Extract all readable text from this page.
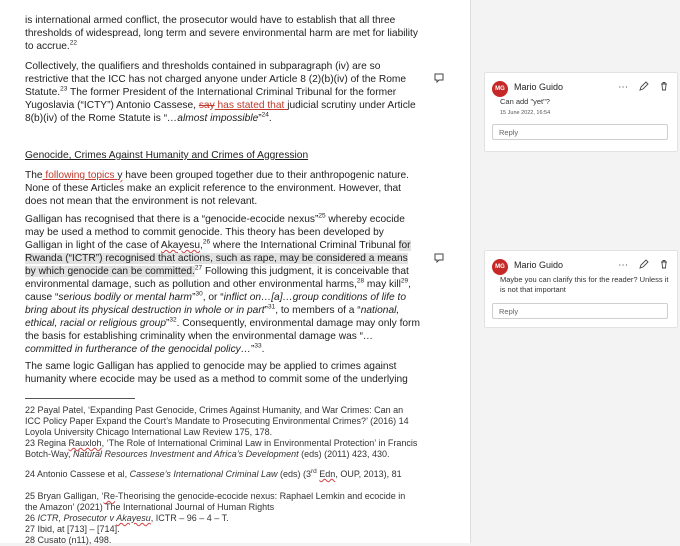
is international armed conflict, the prosecutor would have to establish that all three thresholds of widespread, long term and severe environmental harm are met for liability to accrue.$^{22}$
Collectively, the qualifiers and thresholds contained in subparagraph (iv) are so restrictive that the ICC has not charged anyone under Article 8 (2)(b)(iv) of the Rome Statute.$^{23}$ The former President of the International Criminal Tribunal for the former Yugoslavia (“ICTY”) Antonio Cassese, say has stated that judicial scrutiny under Article 8(b)(iv) of the Rome Statute is “…almost impossible”$^{24}$.
Genocide, Crimes Against Humanity and Crimes of Aggression
The following topics y have been grouped together due to their anthropogenic nature. None of these Articles make an explicit reference to the environment. However, that does not mean that the environment is not relevant.
Galligan has recognised that there is a “genocide-ecocide nexus”$^{25}$ whereby ecocide may be used a method to commit genocide. This theory has been developed by Galligan in light of the case of Akayesu,$^{26}$ where the International Criminal Tribunal for Rwanda (“ICTR”) recognised that actions, such as rape, may be considered a means by which genocide can be committed.$^{27}$ Following this judgment, it is conceivable that environmental damage, such as pollution and other environmental harms,$^{28}$ may kill$^{29}$, cause “serious bodily or mental harm”$^{30}$, or “inflict on…[a]…group conditions of life to bring about its physical destruction in whole or in part”$^{31}$, to members of a “national, ethical, racial or religious group”$^{32}$. Consequently, environmental damage may only form the basis for establishing criminality when the environmental damage was “…committed in furtherance of the genocidal policy…”$^{33}$.
The same logic Galligan has applied to genocide may be applied to crimes against humanity where ecocide may be used as a method to commit some of the underlying
22 Payal Patel, ‘Expanding Past Genocide, Crimes Against Humanity, and War Crimes: Can an ICC Policy Paper Expand the Court’s Mandate to Prosecuting Environmental Crimes?’ (2016) 14 Loyola University Chicago International Law Review 175, 178.
23 Regina Rauxloh, ‘The Role of International Criminal Law in Environmental Protection’ in Francis Botch-Way, Natural Resources Investment and Africa’s Development (eds) (2011) 423, 430.
24 Antonio Cassese et al, Cassese’s International Criminal Law (eds) (3rd Edn, OUP, 2013), 81
25 Bryan Galligan, ‘Re-Theorising the genocide-ecocide nexus: Raphael Lemkin and ecocide in the Amazon’ (2021) The International Journal of Human Rights
26 ICTR, Prosecutor v Akayesu, ICTR – 96 – 4 – T.
27 Ibid, at [713] – [714].
28 Cusato (n11), 498.
MG	Mario Guido	⋯
Can add "yet"?
15 June 2022, 16:54
Reply
MG	Mario Guido	⋯
Maybe you can clarify this for the reader? Unless it is not that important
Reply
